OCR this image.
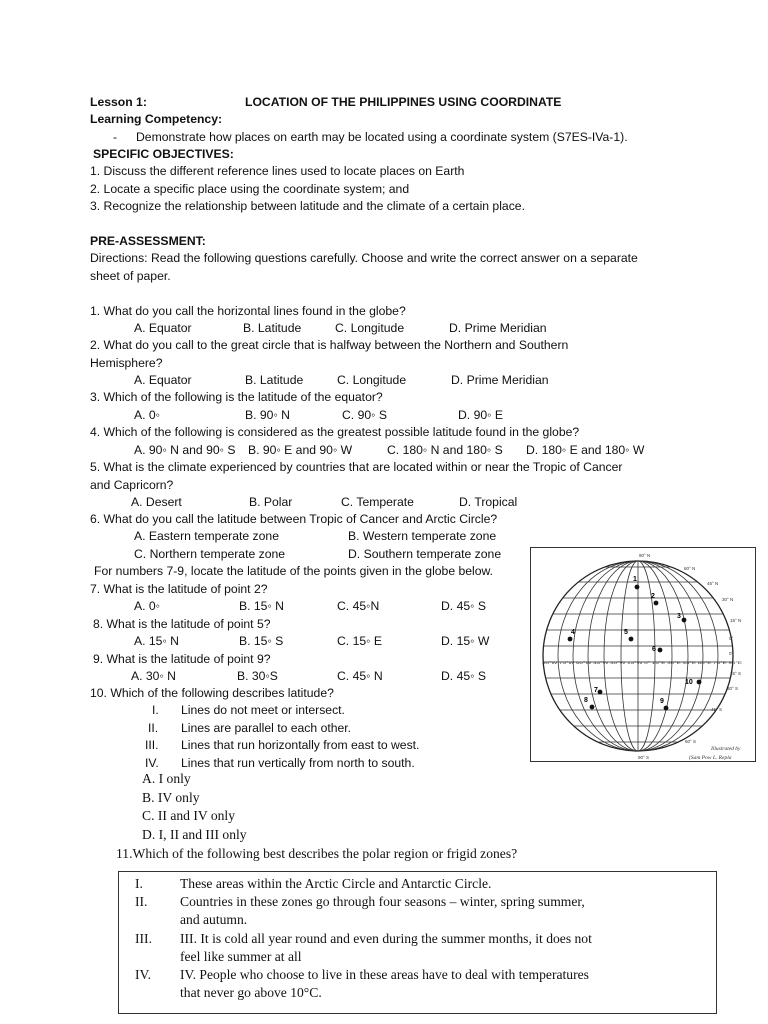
Lesson 1:	LOCATION OF THE PHILIPPINES USING COORDINATE
Learning Competency:
- Demonstrate how places on earth may be located using a coordinate system (S7ES-IVa-1).
SPECIFIC OBJECTIVES:
1. Discuss the different reference lines used to locate places on Earth
2. Locate a specific place using the coordinate system; and
3. Recognize the relationship between latitude and the climate of a certain place.
PRE-ASSESSMENT:
Directions: Read the following questions carefully. Choose and write the correct answer on a separate
sheet of paper.
1. What do you call the horizontal lines found in the globe?
A. Equator	B. Latitude	C. Longitude	D. Prime Meridian
2. What do you call to the great circle that is halfway between the Northern and Southern
Hemisphere?
A. Equator	B. Latitude	C. Longitude	D. Prime Meridian
3. Which of the following is the latitude of the equator?
A. 0◦	B. 90◦ N	C. 90◦ S	D. 90◦ E
4. Which of the following is considered as the greatest possible latitude found in the globe?
A. 90◦ N and 90◦ S B. 90◦ E and 90◦ W	C. 180◦ N and 180◦ S D. 180◦ E and 180◦ W
5. What is the climate experienced by countries that are located within or near the Tropic of Cancer
and Capricorn?
A. Desert	B. Polar	C. Temperate	D. Tropical
6. What do you call the latitude between Tropic of Cancer and Arctic Circle?
A. Eastern temperate zone	B. Western temperate zone
C. Northern temperate zone	D. Southern temperate zone
For numbers 7-9, locate the latitude of the points given in the globe below.
7. What is the latitude of point 2?
A. 0◦	B. 15◦ N	C. 45◦N	D. 45◦ S
8. What is the latitude of point 5?
A. 15◦ N	B. 15◦ S	C. 15◦ E	D. 15◦ W
9. What is the latitude of point 9?
A. 30◦ N	B. 30◦S	C. 45◦ N	D. 45◦ S
10. Which of the following describes latitude?
I. Lines do not meet or intersect.
II. Lines are parallel to each other.
III. Lines that run horizontally from east to west.
IV. Lines that run vertically from north to south.
A. I only
B. IV only
C. II and IV only
D. I, II and III only
11.Which of the following best describes the polar region or frigid zones?
I.	These areas within the Arctic Circle and Antarctic Circle.
II. Countries in these zones go through four seasons – winter, spring summer,
and autumn.
III. III. It is cold all year round and even during the summer months, it does not
feel like summer at all
IV. IV. People who choose to live in these areas have to deal with temperatures
that never go above 10°C.
90° N
90° S
60° N
45° N
30° N
15° N
0°
0°
15° S
30° S
45° S
60° S
90°W 75°W 60°W 45°W 30°W 15°W 0° 15°E 30°E 45°E 60°E 75°E 90°E
1
2
3
4	5
6
7
8	9
10
Illustrated by
(Sam Pow L. Repla
